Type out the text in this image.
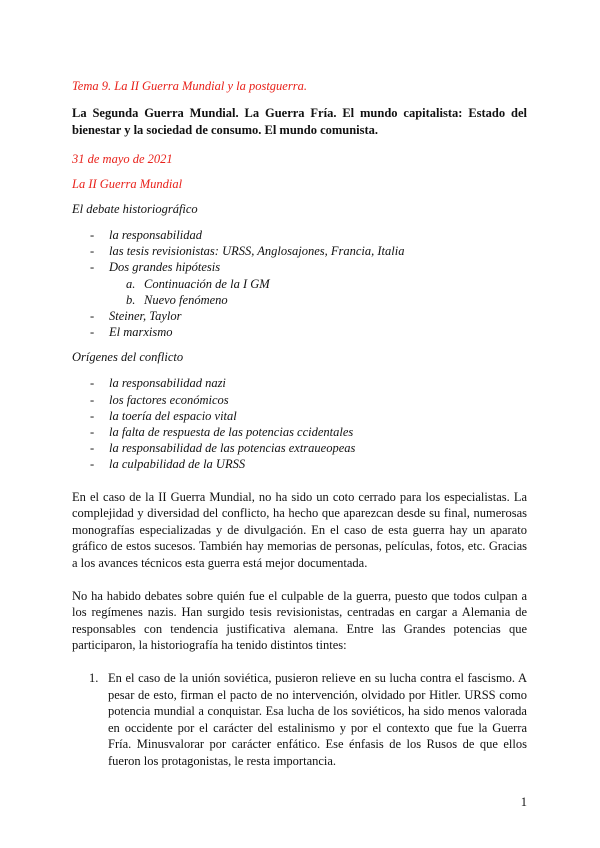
Tema 9. La II Guerra Mundial y la postguerra.

La Segunda Guerra Mundial. La Guerra Fría. El mundo capitalista: Estado del bienestar y la sociedad de consumo. El mundo comunista.

31 de mayo de 2021

La II Guerra Mundial

El debate historiográfico

- la responsabilidad
- las tesis revisionistas: URSS, Anglosajones, Francia, Italia
- Dos grandes hipótesis
a. Continuación de la I GM
b. Nuevo fenómeno
- Steiner, Taylor
- El marxismo

Orígenes del conflicto

- la responsabilidad nazi
- los factores económicos
- la toería del espacio vital
- la falta de respuesta de las potencias ccidentales
- la responsabilidad de las potencias extraueopeas
- la culpabilidad de la URSS

En el caso de la II Guerra Mundial, no ha sido un coto cerrado para los especialistas. La complejidad y diversidad del conflicto, ha hecho que aparezcan desde su final, numerosas monografías especializadas y de divulgación. En el caso de esta guerra hay un aparato gráfico de estos sucesos. También hay memorias de personas, películas, fotos, etc. Gracias a los avances técnicos esta guerra está mejor documentada.

No ha habido debates sobre quién fue el culpable de la guerra, puesto que todos culpan a los regímenes nazis. Han surgido tesis revisionistas, centradas en cargar a Alemania de responsables con tendencia justificativa alemana. Entre las Grandes potencias que participaron, la historiografía ha tenido distintos tintes:

1. En el caso de la unión soviética, pusieron relieve en su lucha contra el fascismo. A pesar de esto, firman el pacto de no intervención, olvidado por Hitler. URSS como potencia mundial a conquistar. Esa lucha de los soviéticos, ha sido menos valorada en occidente por el carácter del estalinismo y por el contexto que fue la Guerra Fría. Minusvalorar por carácter enfático. Ese énfasis de los Rusos de que ellos fueron los protagonistas, le resta importancia.
1
